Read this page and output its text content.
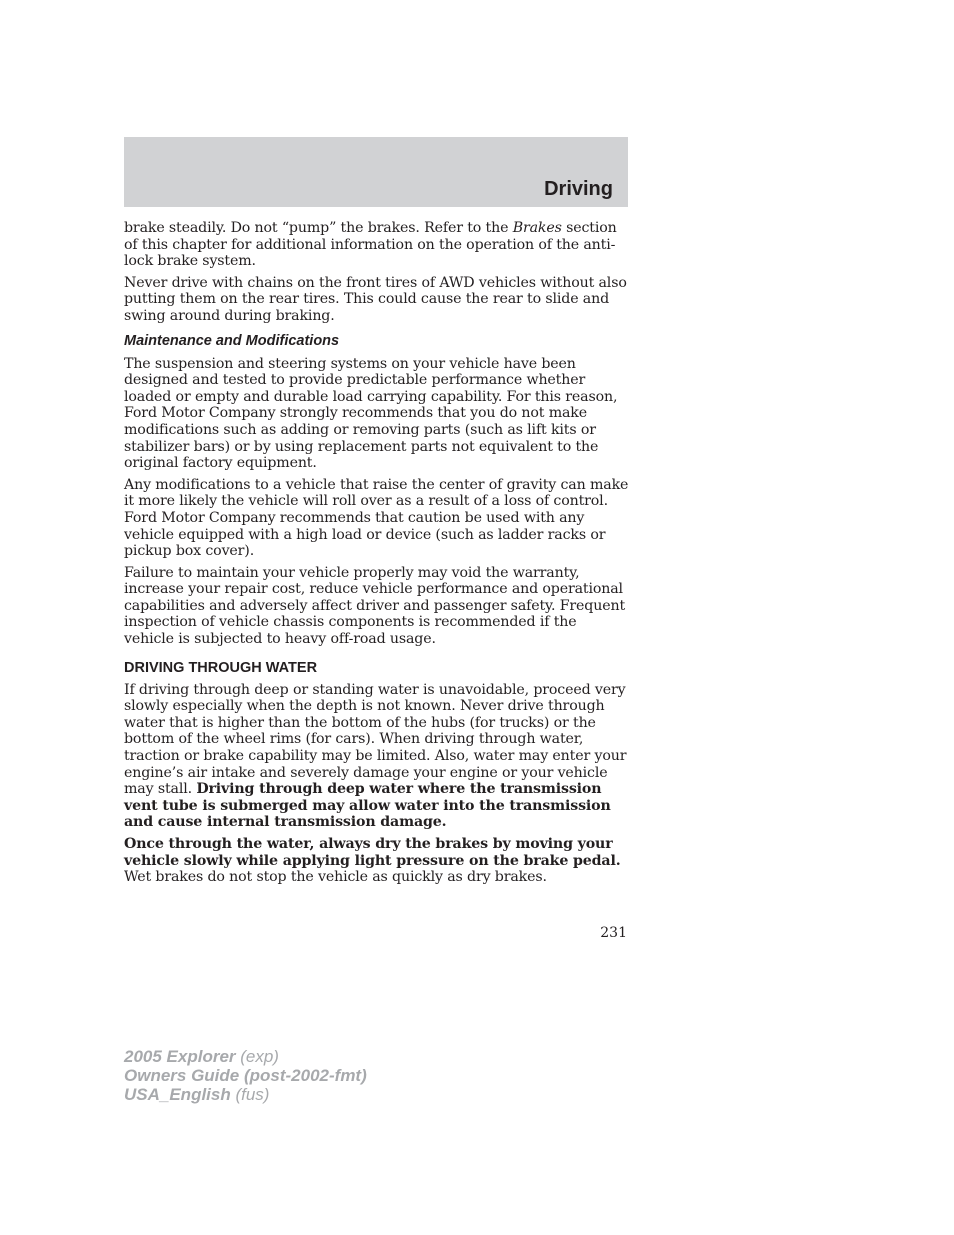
Driving

brake steadily. Do not “pump” the brakes. Refer to the Brakes section of this chapter for additional information on the operation of the anti-lock brake system.

Never drive with chains on the front tires of AWD vehicles without also putting them on the rear tires. This could cause the rear to slide and swing around during braking.

Maintenance and Modifications

The suspension and steering systems on your vehicle have been designed and tested to provide predictable performance whether loaded or empty and durable load carrying capability. For this reason, Ford Motor Company strongly recommends that you do not make modifications such as adding or removing parts (such as lift kits or stabilizer bars) or by using replacement parts not equivalent to the original factory equipment.

Any modifications to a vehicle that raise the center of gravity can make it more likely the vehicle will roll over as a result of a loss of control. Ford Motor Company recommends that caution be used with any vehicle equipped with a high load or device (such as ladder racks or pickup box cover).

Failure to maintain your vehicle properly may void the warranty, increase your repair cost, reduce vehicle performance and operational capabilities and adversely affect driver and passenger safety. Frequent inspection of vehicle chassis components is recommended if the vehicle is subjected to heavy off-road usage.

DRIVING THROUGH WATER

If driving through deep or standing water is unavoidable, proceed very slowly especially when the depth is not known. Never drive through water that is higher than the bottom of the hubs (for trucks) or the bottom of the wheel rims (for cars). When driving through water, traction or brake capability may be limited. Also, water may enter your engine’s air intake and severely damage your engine or your vehicle may stall. Driving through deep water where the transmission vent tube is submerged may allow water into the transmission and cause internal transmission damage.

Once through the water, always dry the brakes by moving your vehicle slowly while applying light pressure on the brake pedal. Wet brakes do not stop the vehicle as quickly as dry brakes.

231
2005 Explorer (exp)
Owners Guide (post-2002-fmt)
USA_English (fus)
